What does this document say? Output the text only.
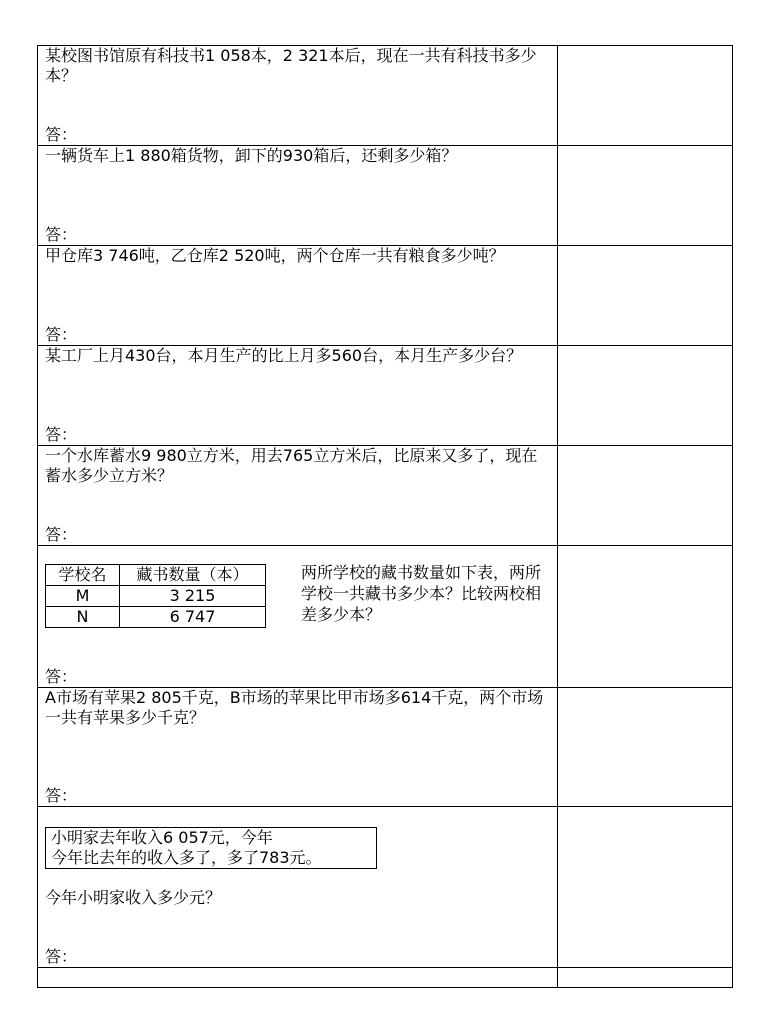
某校图书馆原有科技书1 058本，2 321本后，现在一共有科技书多少本？
答：

一辆货车上1 880箱货物，卸下的930箱后，还剩多少箱？
答：

甲仓库3 746吨，乙仓库2 520吨，两个仓库一共有粮食多少吨？
答：

某工厂上月430台，本月生产的比上月多560台，本月生产多少台？
答：

一个水库蓄水9 980立方米，用去765立方米后，比原来又多了，现在蓄水多少立方米？
答：

学校名	藏书数量（本）
M	3 215
N	6 747
两所学校的藏书数量如下表，两所学校一共藏书多少本？比较两校相差多少本？
答：

A市场有苹果2 805千克，B市场的苹果比甲市场多614千克，两个市场一共有苹果多少千克？
答：

小明家去年收入6 057元，今年
今年比去年的收入多了，多了783元。
今年小明家收入多少元？
答：
